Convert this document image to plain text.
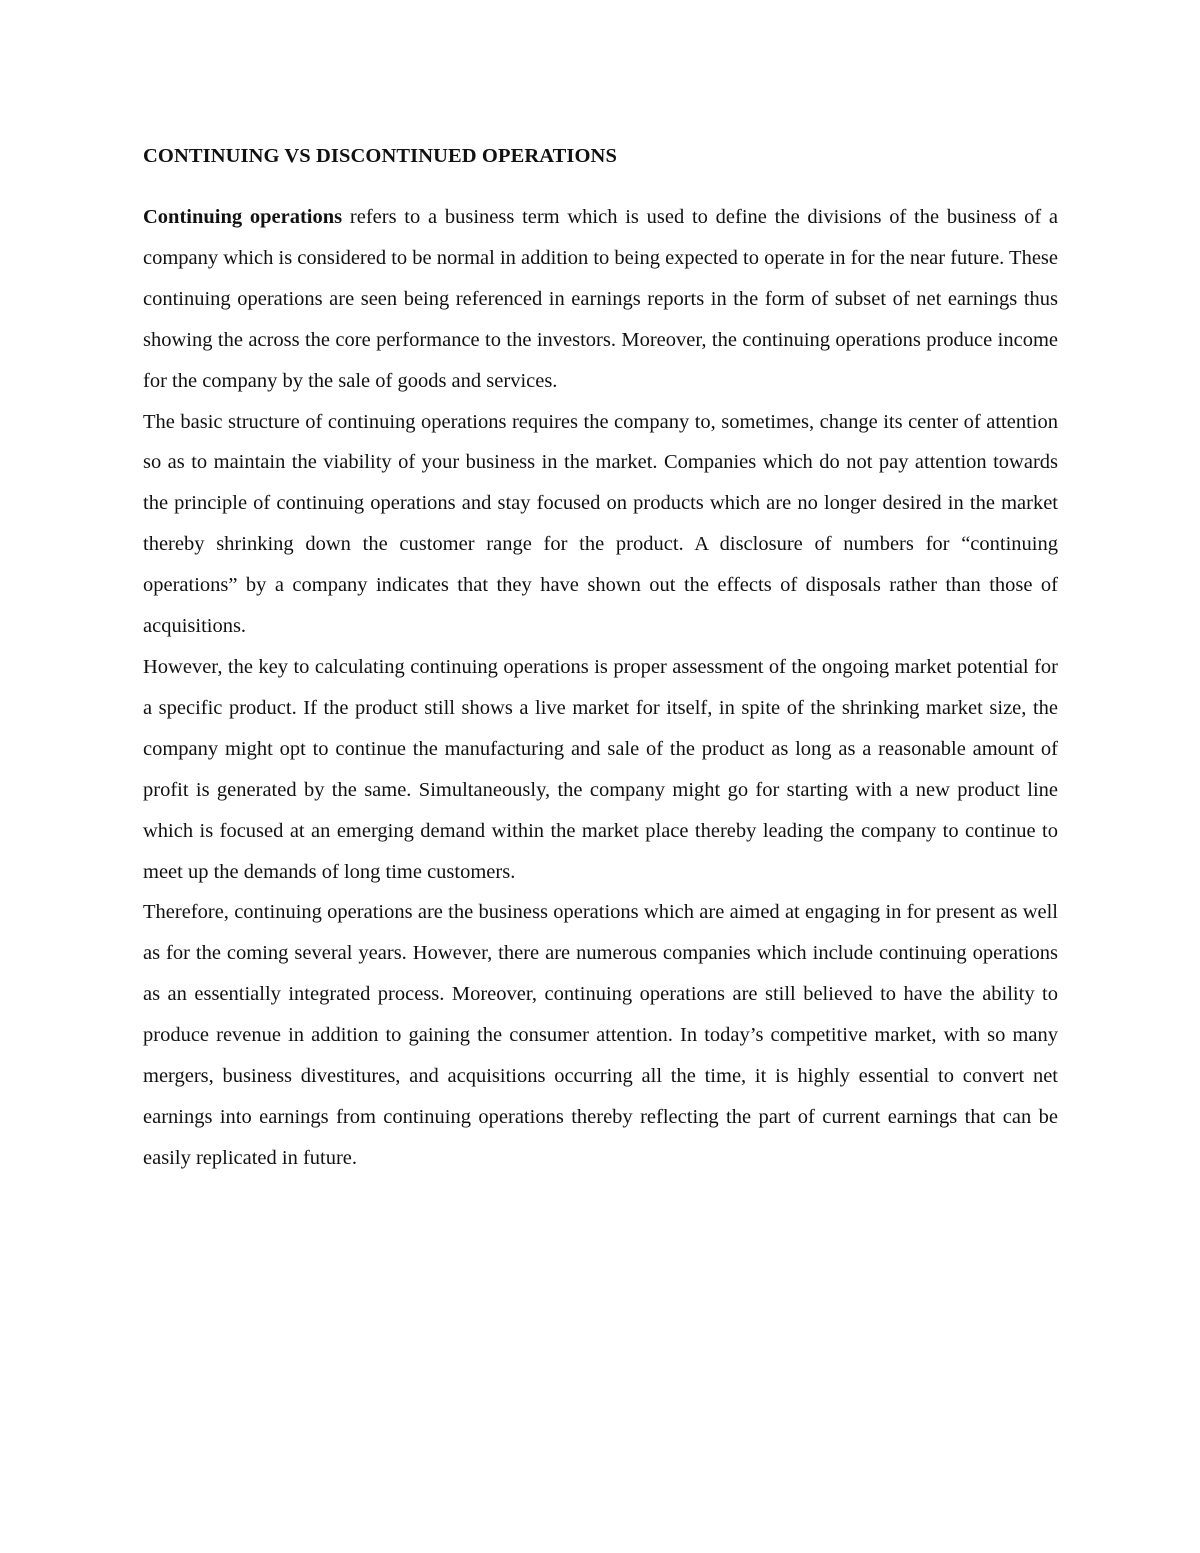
CONTINUING VS DISCONTINUED OPERATIONS

Continuing operations refers to a business term which is used to define the divisions of the business of a company which is considered to be normal in addition to being expected to operate in for the near future. These continuing operations are seen being referenced in earnings reports in the form of subset of net earnings thus showing the across the core performance to the investors. Moreover, the continuing operations produce income for the company by the sale of goods and services.

The basic structure of continuing operations requires the company to, sometimes, change its center of attention so as to maintain the viability of your business in the market. Companies which do not pay attention towards the principle of continuing operations and stay focused on products which are no longer desired in the market thereby shrinking down the customer range for the product. A disclosure of numbers for “continuing operations” by a company indicates that they have shown out the effects of disposals rather than those of acquisitions.

However, the key to calculating continuing operations is proper assessment of the ongoing market potential for a specific product. If the product still shows a live market for itself, in spite of the shrinking market size, the company might opt to continue the manufacturing and sale of the product as long as a reasonable amount of profit is generated by the same. Simultaneously, the company might go for starting with a new product line which is focused at an emerging demand within the market place thereby leading the company to continue to meet up the demands of long time customers.

Therefore, continuing operations are the business operations which are aimed at engaging in for present as well as for the coming several years. However, there are numerous companies which include continuing operations as an essentially integrated process. Moreover, continuing operations are still believed to have the ability to produce revenue in addition to gaining the consumer attention. In today’s competitive market, with so many mergers, business divestitures, and acquisitions occurring all the time, it is highly essential to convert net earnings into earnings from continuing operations thereby reflecting the part of current earnings that can be easily replicated in future.
